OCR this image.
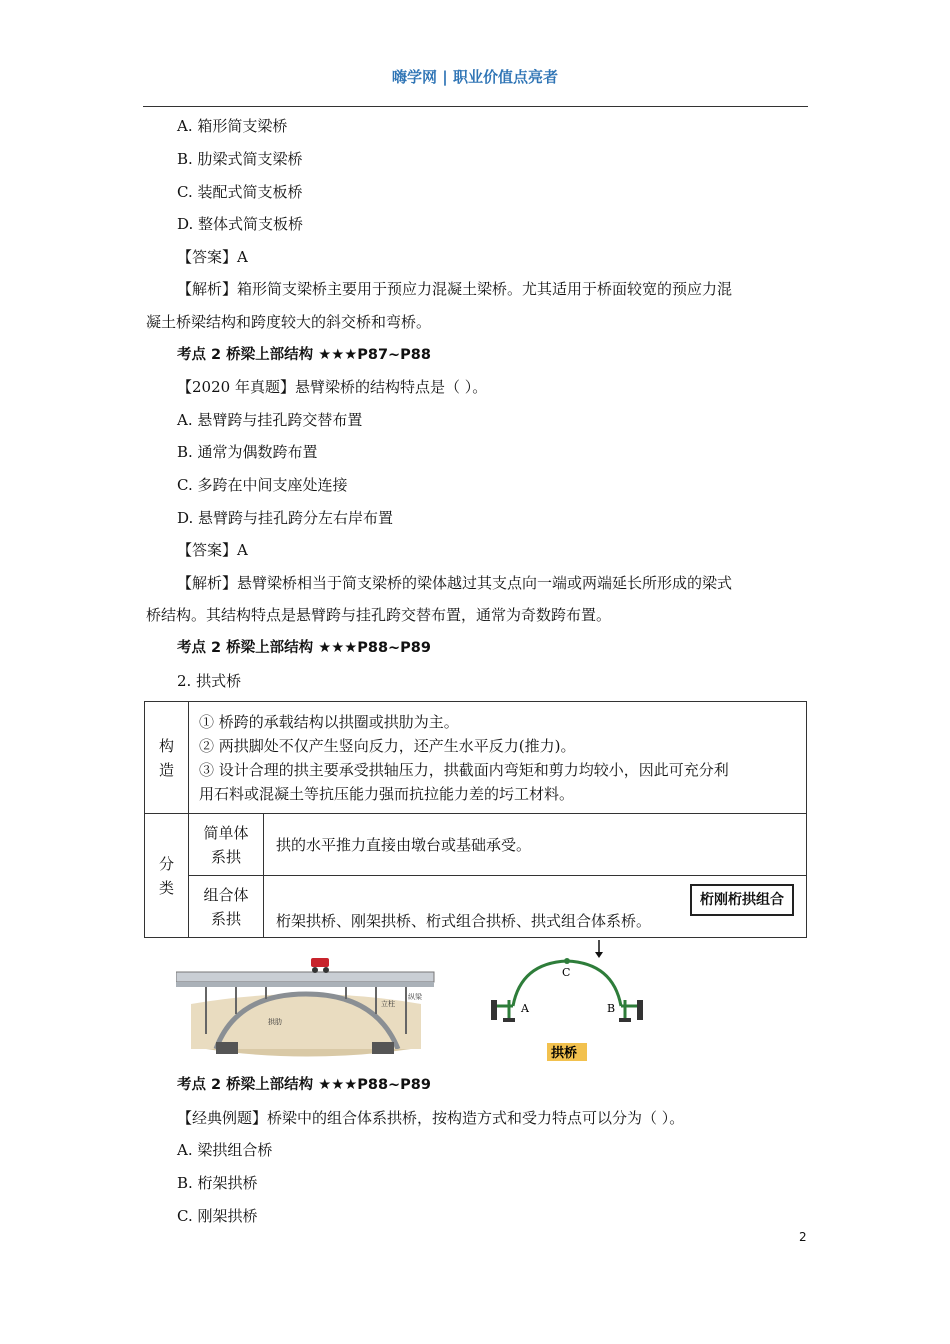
嗨学网 | 职业价值点亮者
A. 箱形简支梁桥
B. 肋梁式简支梁桥
C. 装配式简支板桥
D. 整体式简支板桥
【答案】A
【解析】箱形简支梁桥主要用于预应力混凝土梁桥。尤其适用于桥面较宽的预应力混
凝土桥梁结构和跨度较大的斜交桥和弯桥。
考点 2 桥梁上部结构 ★★★P87~P88
【2020 年真题】悬臂梁桥的结构特点是（ ）。
A. 悬臂跨与挂孔跨交替布置
B. 通常为偶数跨布置
C. 多跨在中间支座处连接
D. 悬臂跨与挂孔跨分左右岸布置
【答案】A
【解析】悬臂梁桥相当于简支梁桥的梁体越过其支点向一端或两端延长所形成的梁式
桥结构。其结构特点是悬臂跨与挂孔跨交替布置，通常为奇数跨布置。
考点 2 桥梁上部结构 ★★★P88~P89
2. 拱式桥
构造	① 桥跨的承载结构以拱圈或拱肋为主。
② 两拱脚处不仅产生竖向反力，还产生水平反力(推力)。
③ 设计合理的拱主要承受拱轴压力，拱截面内弯矩和剪力均较小，因此可充分利
用石料或混凝土等抗压能力强而抗拉能力差的圬工材料。	

分类	简单体系拱	拱的水平推力直接由墩台或基础承受。
	组合体系拱	桁架拱桥、刚架拱桥、桁式组合拱桥、拱式组合体系桥。
桁刚桁拱组合
立柱
纵梁
拱肋
C
A	B
拱桥
考点 2 桥梁上部结构 ★★★P88~P89
【经典例题】桥梁中的组合体系拱桥，按构造方式和受力特点可以分为（ ）。
A. 梁拱组合桥
B. 桁架拱桥
C. 刚架拱桥
2
